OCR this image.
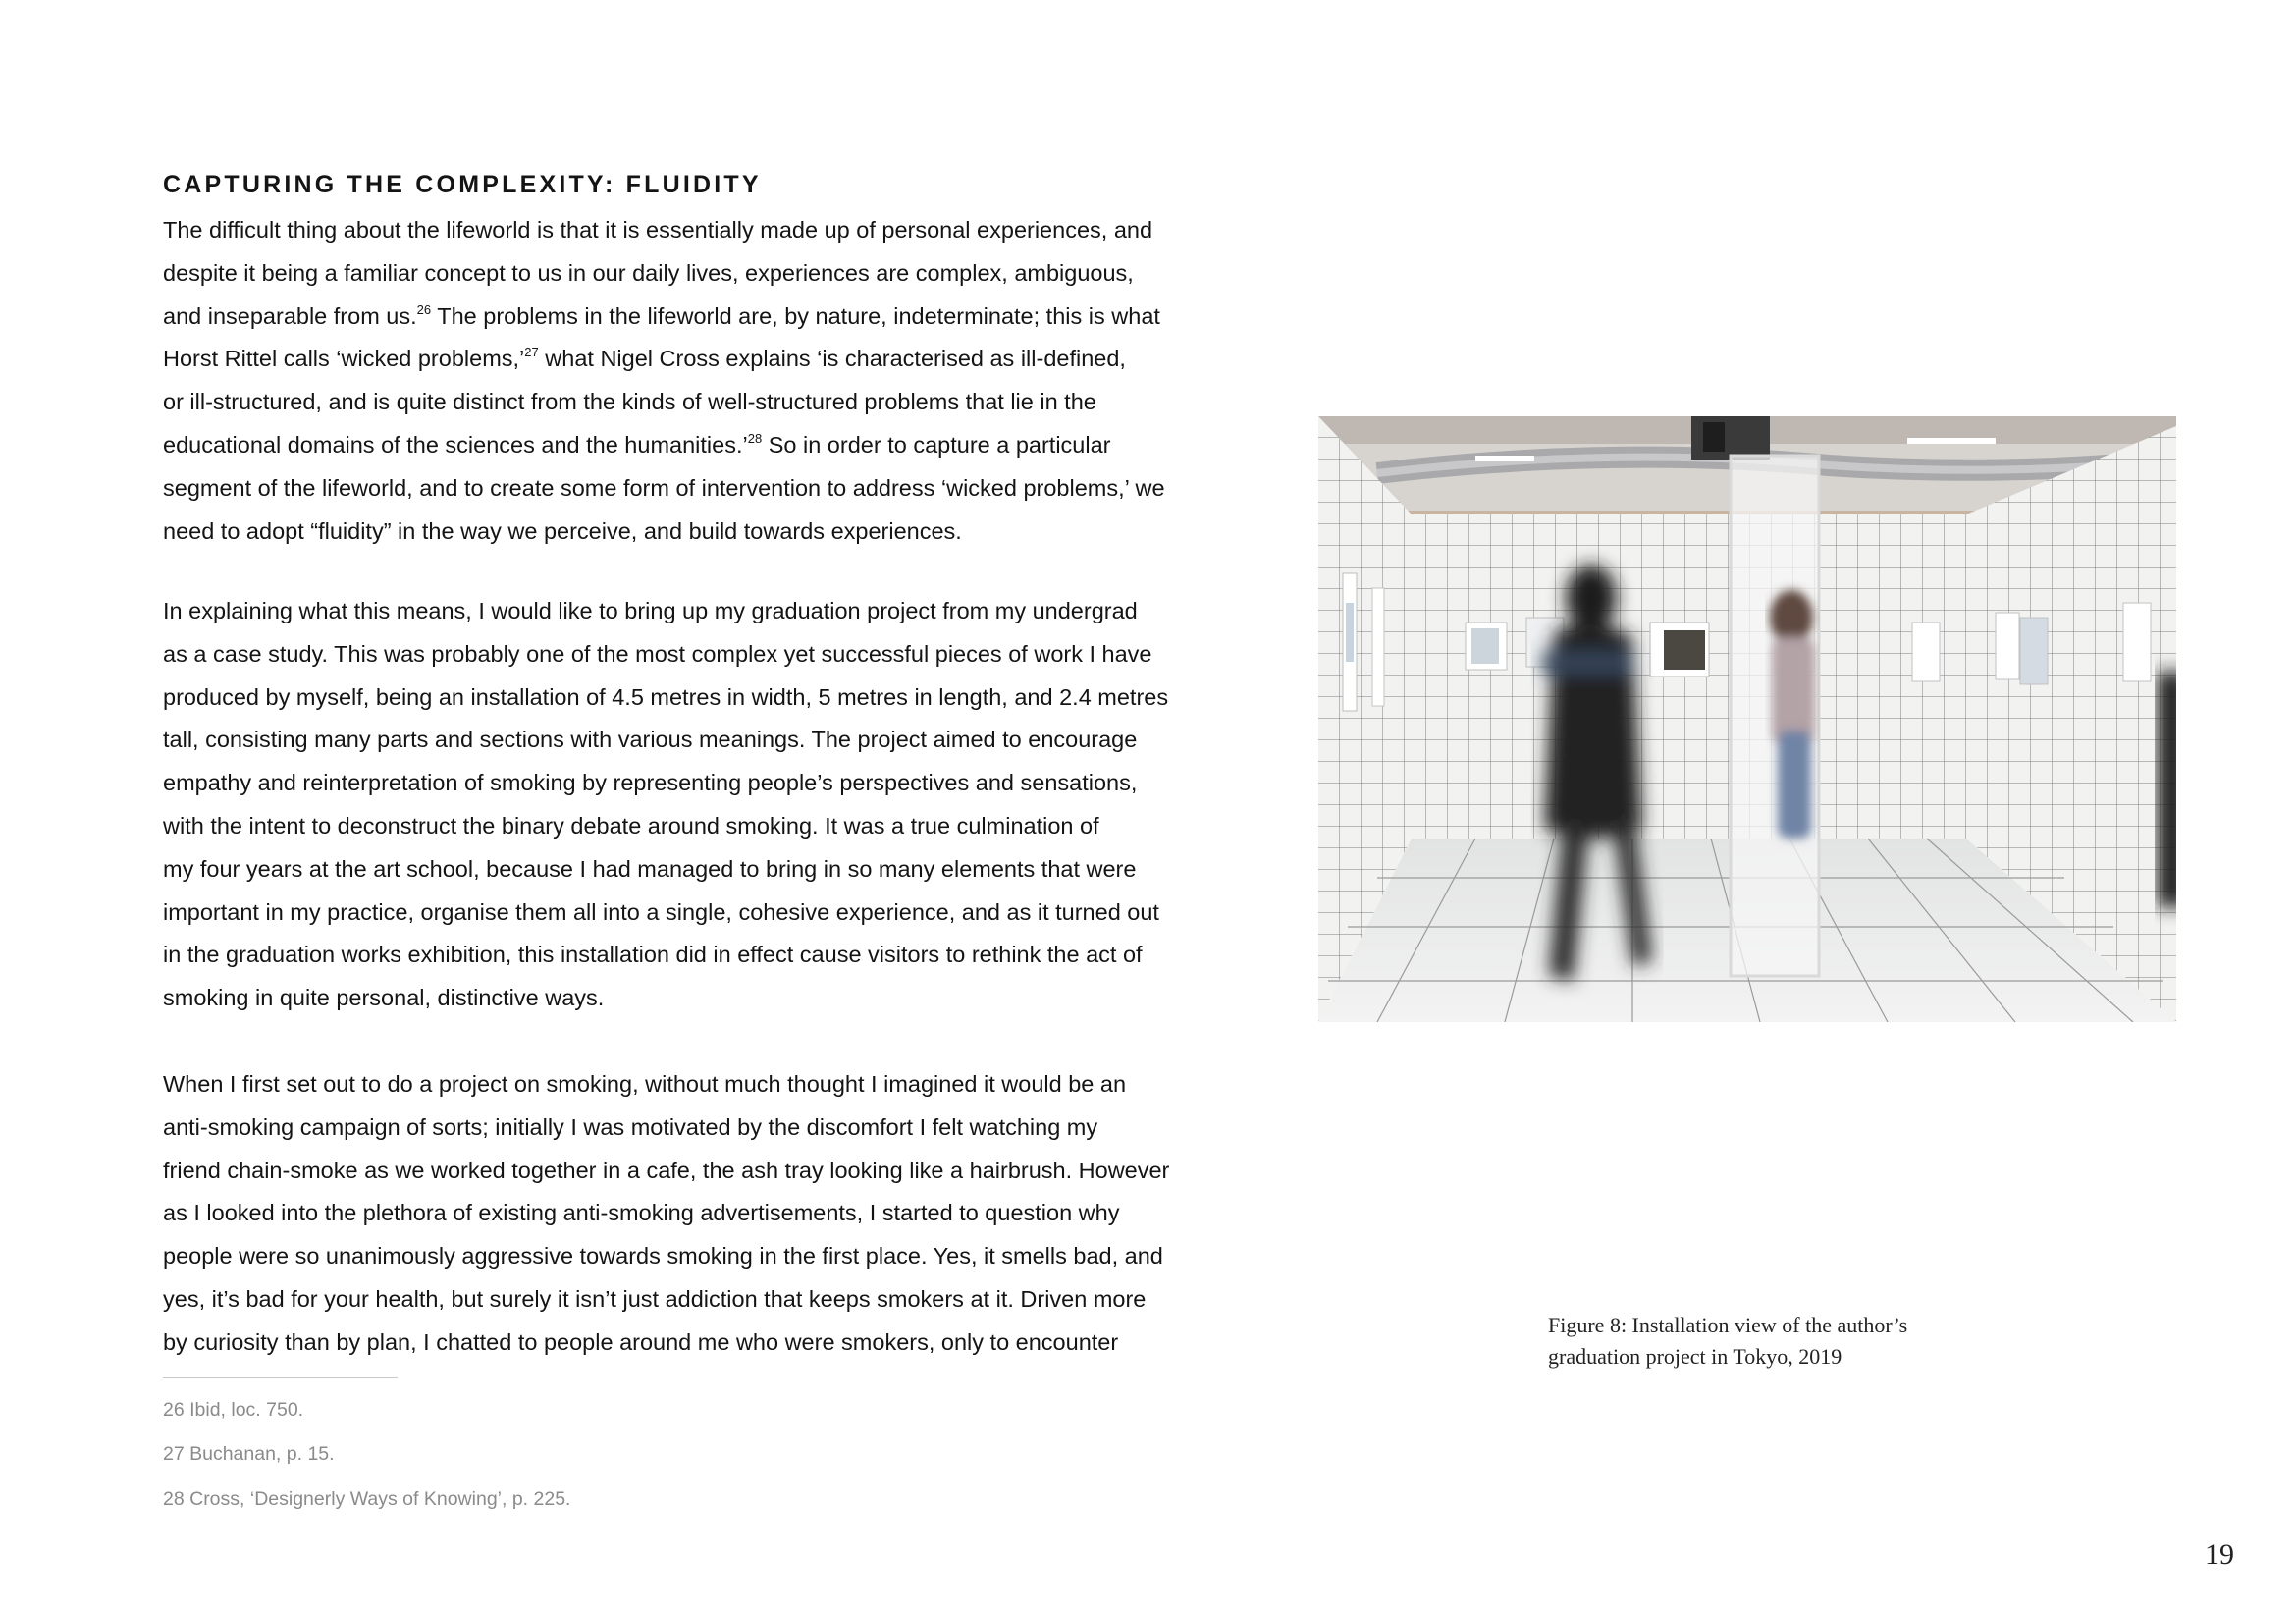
CAPTURING THE COMPLEXITY: FLUIDITY
The difficult thing about the lifeworld is that it is essentially made up of personal experiences, and
despite it being a familiar concept to us in our daily lives, experiences are complex, ambiguous,
and inseparable from us.$^{26}$ The problems in the lifeworld are, by nature, indeterminate; this is what
Horst Rittel calls ‘wicked problems,’$^{27}$ what Nigel Cross explains ‘is characterised as ill-defined,
or ill-structured, and is quite distinct from the kinds of well-structured problems that lie in the
educational domains of the sciences and the humanities.’$^{28}$ So in order to capture a particular
segment of the lifeworld, and to create some form of intervention to address ‘wicked problems,’ we
need to adopt “fluidity” in the way we perceive, and build towards experiences.
In explaining what this means, I would like to bring up my graduation project from my undergrad
as a case study. This was probably one of the most complex yet successful pieces of work I have
produced by myself, being an installation of 4.5 metres in width, 5 metres in length, and 2.4 metres
tall, consisting many parts and sections with various meanings. The project aimed to encourage
empathy and reinterpretation of smoking by representing people’s perspectives and sensations,
with the intent to deconstruct the binary debate around smoking. It was a true culmination of
my four years at the art school, because I had managed to bring in so many elements that were
important in my practice, organise them all into a single, cohesive experience, and as it turned out
in the graduation works exhibition, this installation did in effect cause visitors to rethink the act of
smoking in quite personal, distinctive ways.
When I first set out to do a project on smoking, without much thought I imagined it would be an
anti-smoking campaign of sorts; initially I was motivated by the discomfort I felt watching my
friend chain-smoke as we worked together in a cafe, the ash tray looking like a hairbrush. However
as I looked into the plethora of existing anti-smoking advertisements, I started to question why
people were so unanimously aggressive towards smoking in the first place. Yes, it smells bad, and
yes, it’s bad for your health, but surely it isn’t just addiction that keeps smokers at it. Driven more
by curiosity than by plan, I chatted to people around me who were smokers, only to encounter
26 Ibid, loc. 750.
27 Buchanan, p. 15.
28 Cross, ‘Designerly Ways of Knowing’, p. 225.
Figure 8: Installation view of the author’s
graduation project in Tokyo, 2019
19
